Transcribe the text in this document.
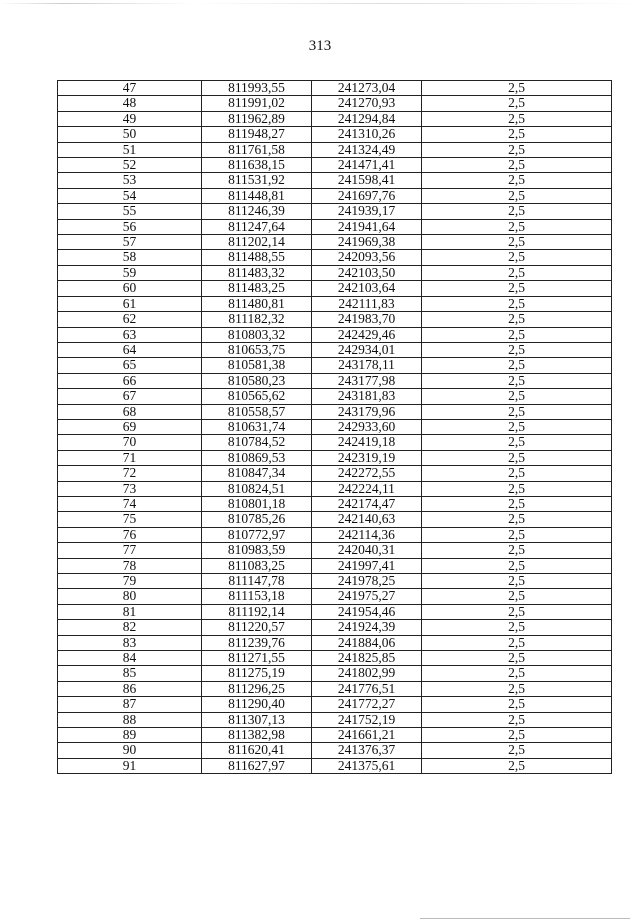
313
47	811993,55	241273,04	2,5
48	811991,02	241270,93	2,5
49	811962,89	241294,84	2,5
50	811948,27	241310,26	2,5
51	811761,58	241324,49	2,5
52	811638,15	241471,41	2,5
53	811531,92	241598,41	2,5
54	811448,81	241697,76	2,5
55	811246,39	241939,17	2,5
56	811247,64	241941,64	2,5
57	811202,14	241969,38	2,5
58	811488,55	242093,56	2,5
59	811483,32	242103,50	2,5
60	811483,25	242103,64	2,5
61	811480,81	242111,83	2,5
62	811182,32	241983,70	2,5
63	810803,32	242429,46	2,5
64	810653,75	242934,01	2,5
65	810581,38	243178,11	2,5
66	810580,23	243177,98	2,5
67	810565,62	243181,83	2,5
68	810558,57	243179,96	2,5
69	810631,74	242933,60	2,5
70	810784,52	242419,18	2,5
71	810869,53	242319,19	2,5
72	810847,34	242272,55	2,5
73	810824,51	242224,11	2,5
74	810801,18	242174,47	2,5
75	810785,26	242140,63	2,5
76	810772,97	242114,36	2,5
77	810983,59	242040,31	2,5
78	811083,25	241997,41	2,5
79	811147,78	241978,25	2,5
80	811153,18	241975,27	2,5
81	811192,14	241954,46	2,5
82	811220,57	241924,39	2,5
83	811239,76	241884,06	2,5
84	811271,55	241825,85	2,5
85	811275,19	241802,99	2,5
86	811296,25	241776,51	2,5
87	811290,40	241772,27	2,5
88	811307,13	241752,19	2,5
89	811382,98	241661,21	2,5
90	811620,41	241376,37	2,5
91	811627,97	241375,61	2,5
